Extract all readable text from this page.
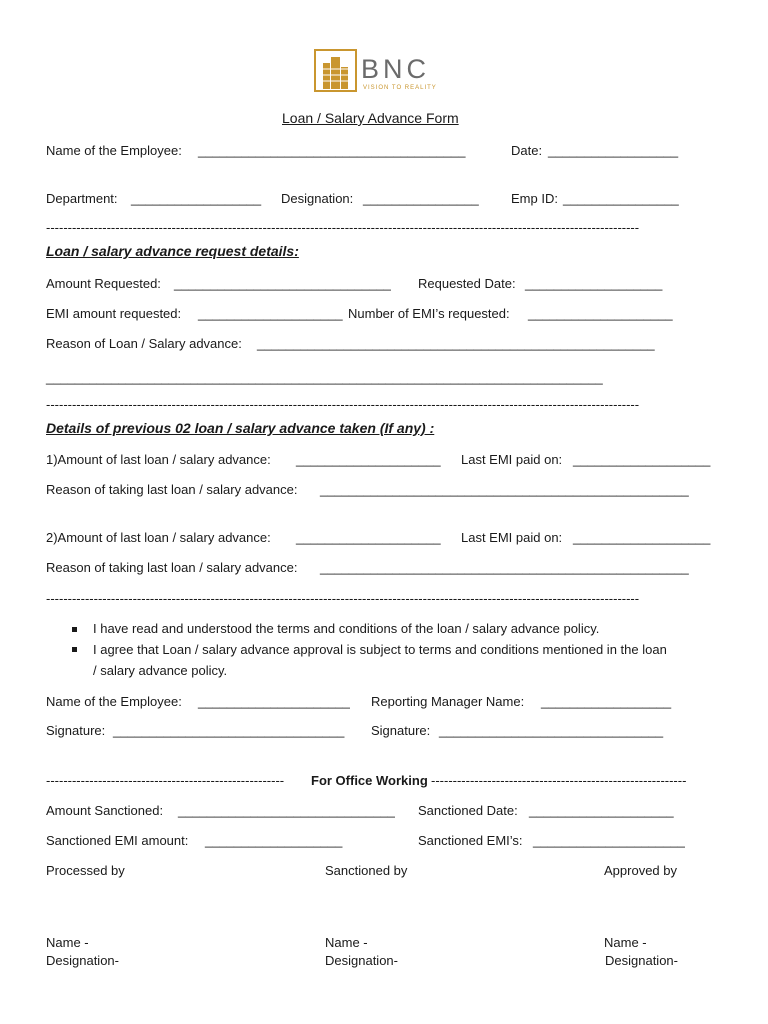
BNC
VISION TO REALITY
Loan / Salary Advance Form
Name of the Employee: _____________________________________	Date: __________________
Department: __________________ Designation: ________________ Emp ID: ________________
-----------------------------------------------------------------------------------------------------------------------------------------
Loan / salary advance request details:
Amount Requested: ______________________________ Requested Date: ___________________
EMI amount requested: ____________________ Number of EMI’s requested: ____________________
Reason of Loan / Salary advance: _______________________________________________________
_____________________________________________________________________________
-----------------------------------------------------------------------------------------------------------------------------------------
Details of previous 02 loan / salary advance taken (If any) :
1)Amount of last loan / salary advance: ____________________ Last EMI paid on: ___________________
Reason of taking last loan / salary advance: ___________________________________________________
2)Amount of last loan / salary advance: ____________________ Last EMI paid on: ___________________
Reason of taking last loan / salary advance: ___________________________________________________
-----------------------------------------------------------------------------------------------------------------------------------------
I have read and understood the terms and conditions of the loan / salary advance policy.
I agree that Loan / salary advance approval is subject to terms and conditions mentioned in the loan
/ salary advance policy.
Name of the Employee: _____________________ Reporting Manager Name: __________________
Signature: ________________________________ Signature: _______________________________
-------------------------------------------------------	For Office Working -----------------------------------------------------------
Amount Sanctioned: ______________________________ Sanctioned Date: ____________________
Sanctioned EMI amount: ___________________	Sanctioned EMI’s: _____________________
Processed by	Sanctioned by	Approved by
Name -	Name -	Name -
Designation-	Designation-	Designation-
